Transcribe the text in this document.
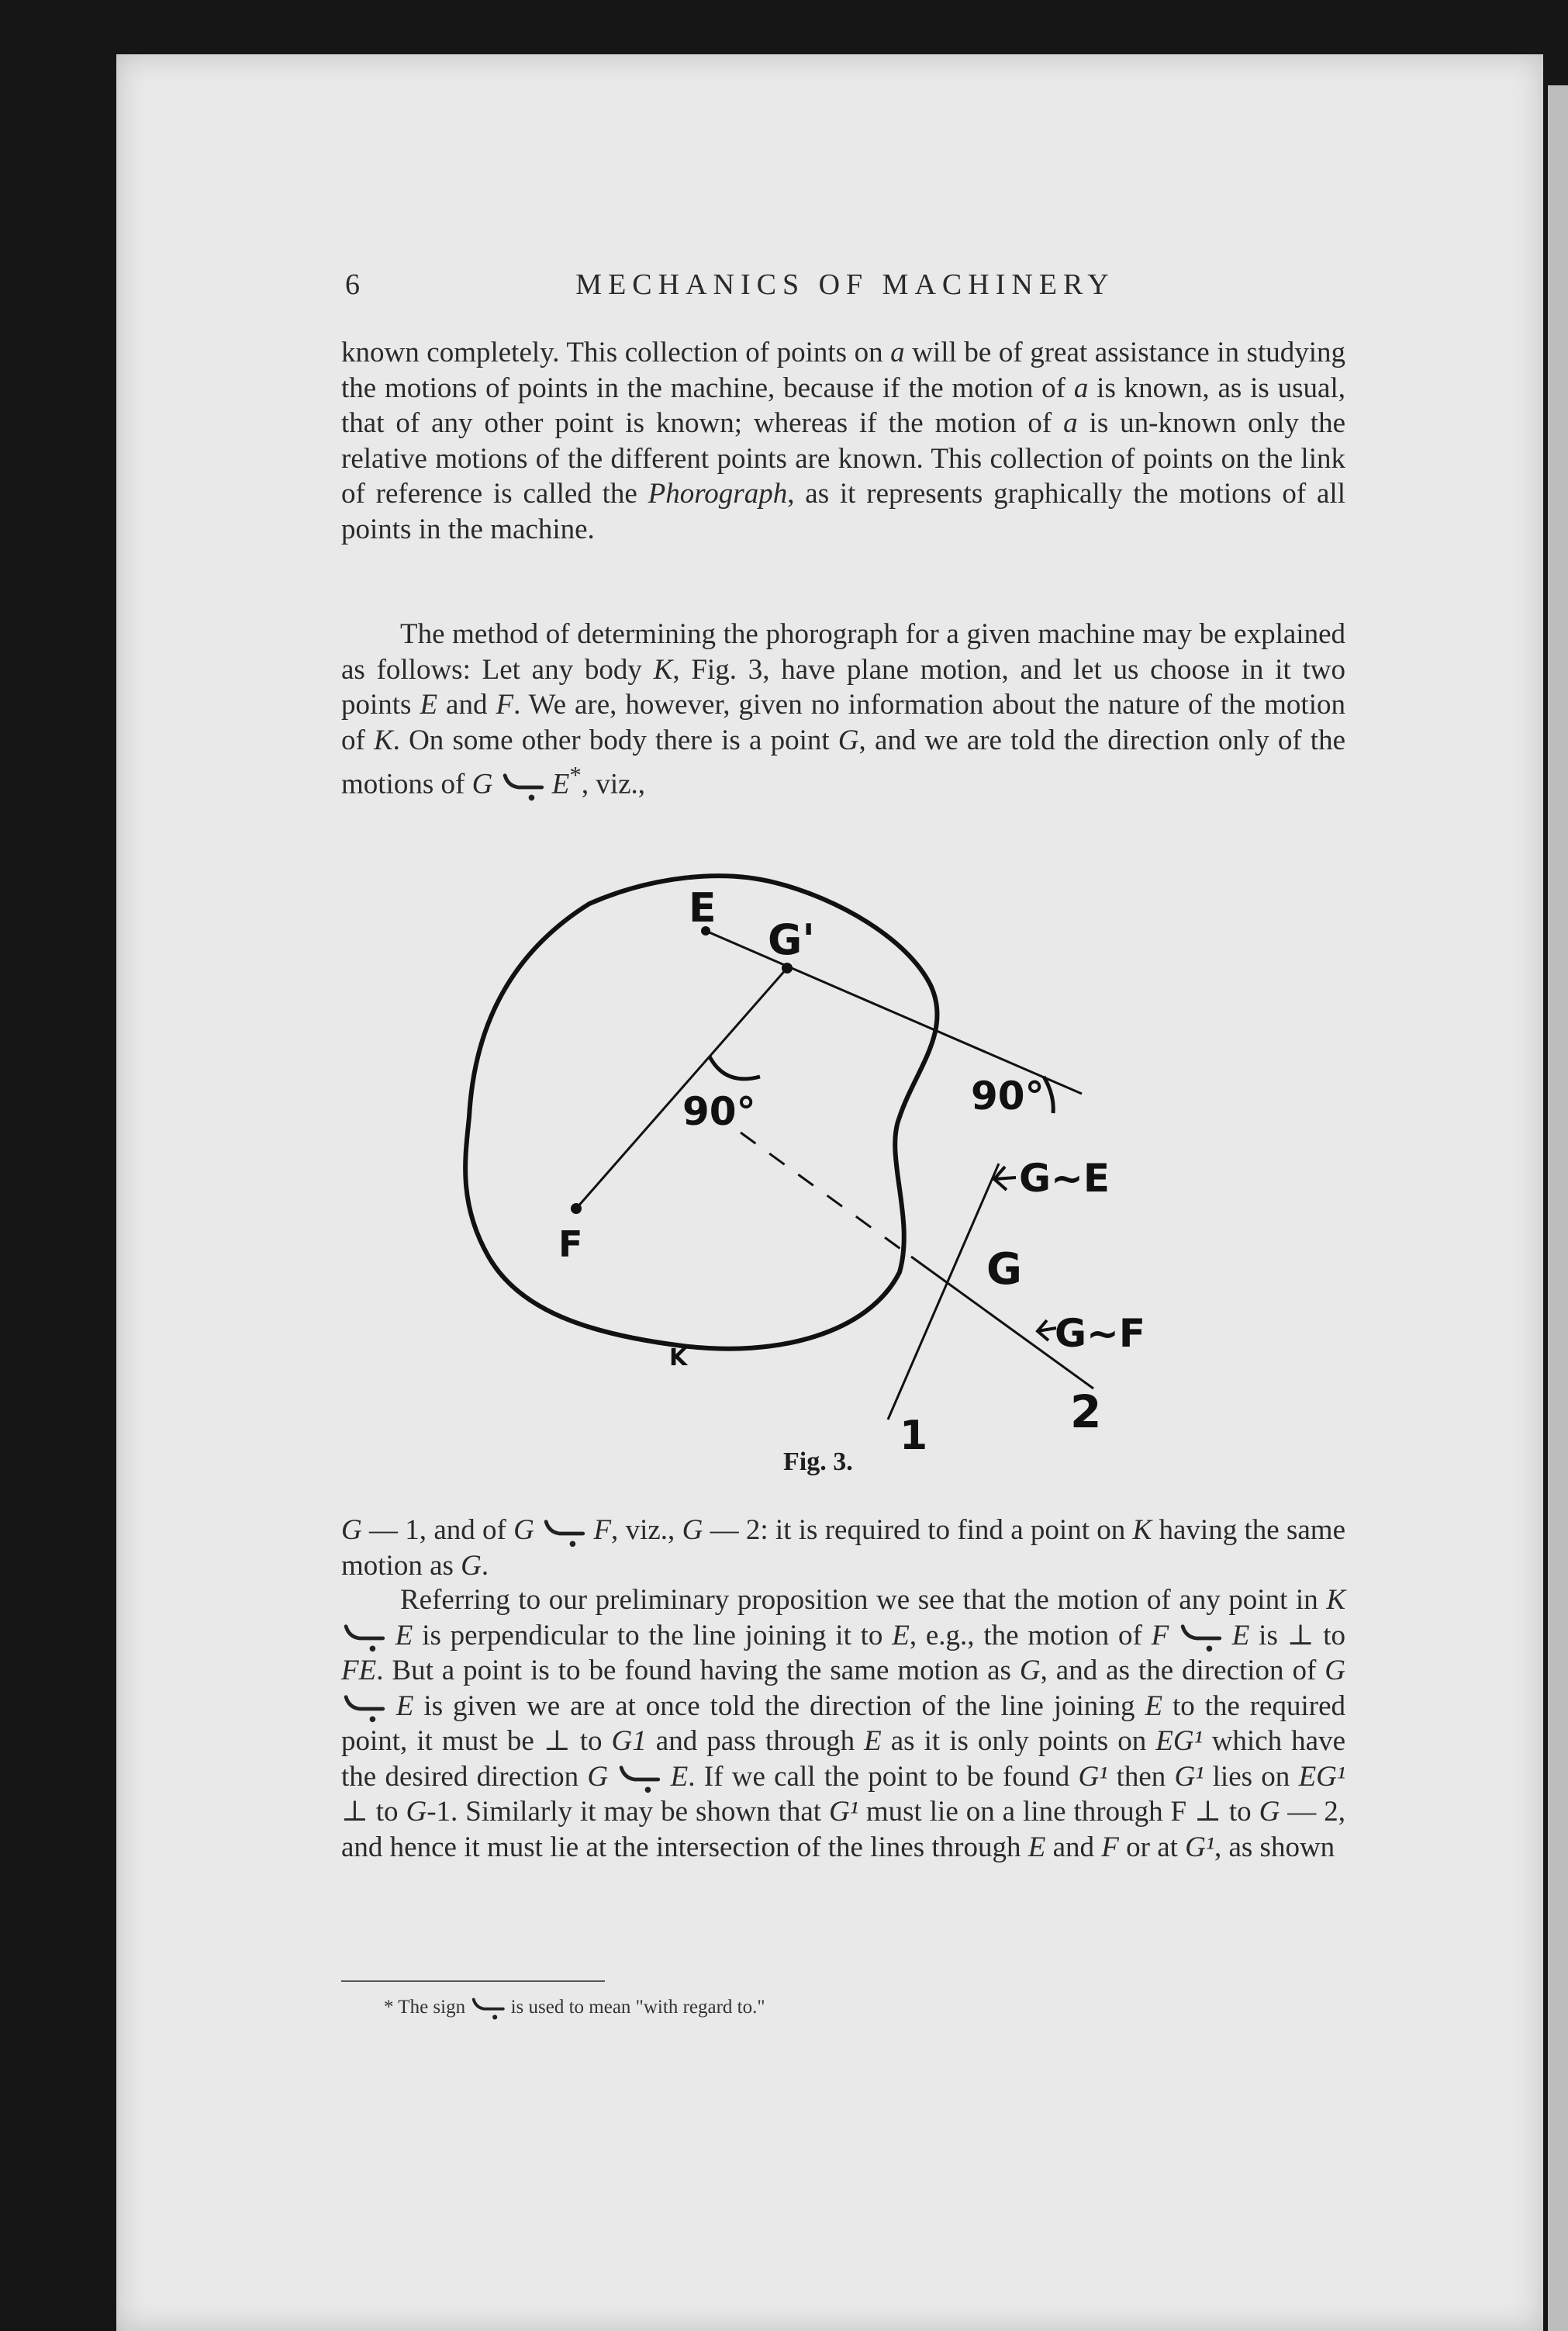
6	MECHANICS OF MACHINERY

known completely. This collection of points on a will be of great assistance in studying the motions of points in the machine, because if the motion of a is known, as is usual, that of any other point is known; whereas if the motion of a is un-known only the relative motions of the different points are known. This collection of points on the link of reference is called the Phorograph, as it represents graphically the motions of all points in the machine.

The method of determining the phorograph for a given machine may be explained as follows: Let any body K, Fig. 3, have plane motion, and let us choose in it two points E and F. We are, however, given no information about the nature of the motion of K. On some other body there is a point G, and we are told the direction only of the motions of G E*, viz.,

E
G'
90°	90°
F	G
K
G~E
G~F
1	2
Fig. 3.

G — 1, and of G F, viz., G — 2: it is required to find a point on K having the same motion as G.

Referring to our preliminary proposition we see that the motion of any point in K  E is perpendicular to the line joining it to E, e.g., the motion of F E is ⊥ to FE. But a point is to be found having the same motion as G, and as the direction of G  E is given we are at once told the direction of the line joining E to the required point, it must be ⊥ to G1 and pass through E as it is only points on EG¹ which have the desired direction G E. If we call the point to be found G¹ then G¹ lies on EG¹ ⊥ to G-1. Similarly it may be shown that G¹ must lie on a line through F ⊥ to G — 2, and hence it must lie at the intersection of the lines through E and F or at G¹, as shown

* The sign is used to mean "with regard to."
